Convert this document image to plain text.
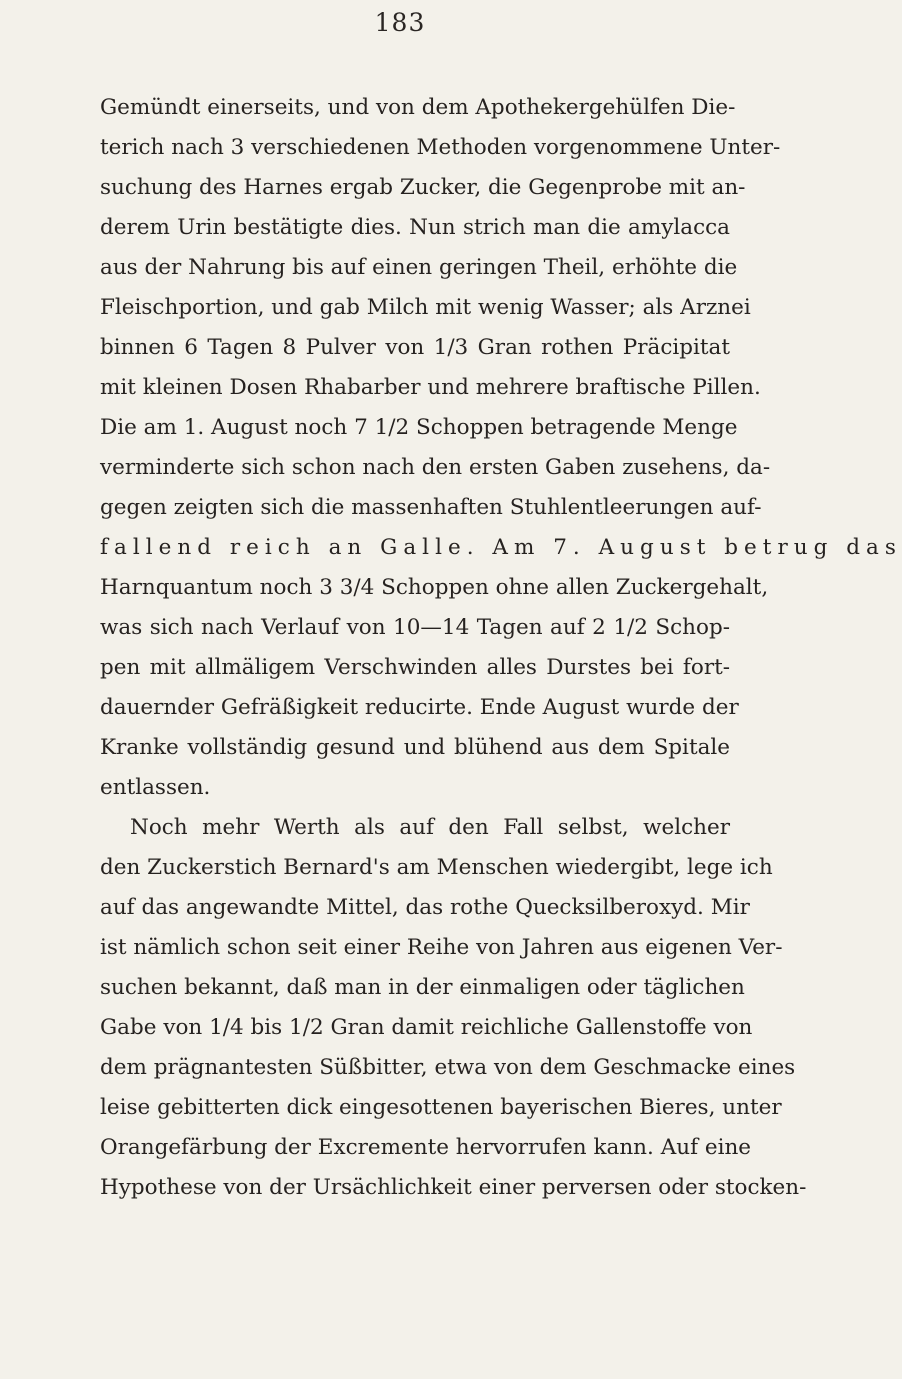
183
Gemündt einerseits, und von dem Apothekergehülfen Die-
terich nach 3 verschiedenen Methoden vorgenommene Unter-
suchung des Harnes ergab Zucker, die Gegenprobe mit an-
derem Urin bestätigte dies. Nun strich man die amylacca
aus der Nahrung bis auf einen geringen Theil, erhöhte die
Fleischportion, und gab Milch mit wenig Wasser; als Arznei
binnen 6 Tagen 8 Pulver von 1/3 Gran rothen Präcipitat
mit kleinen Dosen Rhabarber und mehrere braftische Pillen.
Die am 1. August noch 7 1/2 Schoppen betragende Menge
verminderte sich schon nach den ersten Gaben zusehens, da-
gegen zeigten sich die massenhaften Stuhlentleerungen auf-
fallend reich an Galle. Am 7. August betrug das
Harnquantum noch 3 3/4 Schoppen ohne allen Zuckergehalt,
was sich nach Verlauf von 10—14 Tagen auf 2 1/2 Schop-
pen mit allmäligem Verschwinden alles Durstes bei fort-
dauernder Gefräßigkeit reducirte. Ende August wurde der
Kranke vollständig gesund und blühend aus dem Spitale
entlassen.
Noch mehr Werth als auf den Fall selbst, welcher
den Zuckerstich Bernard's am Menschen wiedergibt, lege ich
auf das angewandte Mittel, das rothe Quecksilberoxyd. Mir
ist nämlich schon seit einer Reihe von Jahren aus eigenen Ver-
suchen bekannt, daß man in der einmaligen oder täglichen
Gabe von 1/4 bis 1/2 Gran damit reichliche Gallenstoffe von
dem prägnantesten Süßbitter, etwa von dem Geschmacke eines
leise gebitterten dick eingesottenen bayerischen Bieres, unter
Orangefärbung der Excremente hervorrufen kann. Auf eine
Hypothese von der Ursächlichkeit einer perversen oder stocken-
